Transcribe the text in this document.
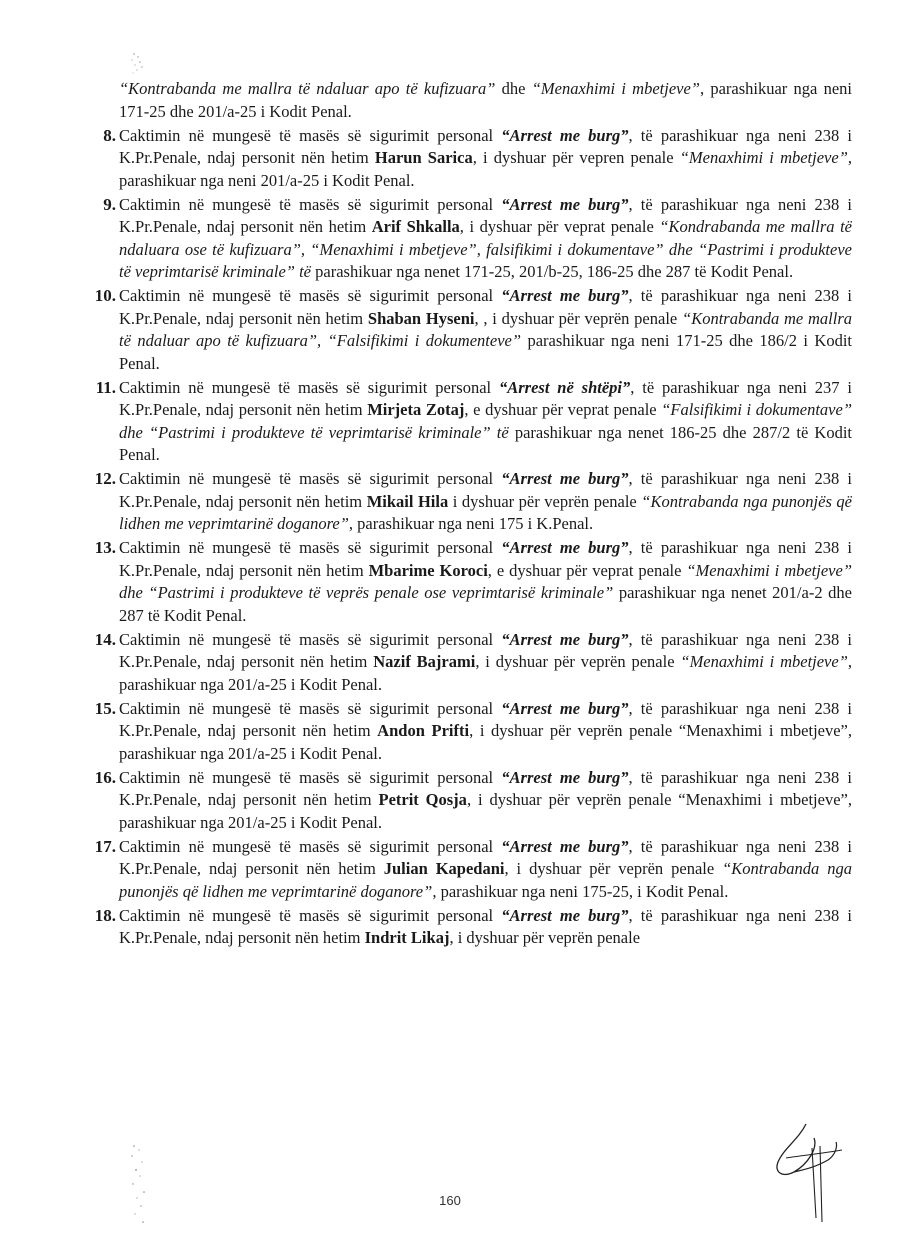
“Kontrabanda me mallra të ndaluar apo të kufizuara” dhe “Menaxhimi i mbetjeve”, parashikuar nga neni 171-25 dhe 201/a-25 i Kodit Penal.
8. Caktimin në mungesë të masës së sigurimit personal “Arrest me burg”, të parashikuar nga neni 238 i K.Pr.Penale, ndaj personit nën hetim Harun Sarica, i dyshuar për vepren penale “Menaxhimi i mbetjeve”, parashikuar nga neni 201/a-25 i Kodit Penal.
9. Caktimin në mungesë të masës së sigurimit personal “Arrest me burg”, të parashikuar nga neni 238 i K.Pr.Penale, ndaj personit nën hetim Arif Shkalla, i dyshuar për veprat penale “Kondrabanda me mallra të ndaluara ose të kufizuara”, “Menaxhimi i mbetjeve”, falsifikimi i dokumentave” dhe “Pastrimi i produkteve të veprimtarisë kriminale” të parashikuar nga nenet 171-25, 201/b-25, 186-25 dhe 287 të Kodit Penal.
10. Caktimin në mungesë të masës së sigurimit personal “Arrest me burg”, të parashikuar nga neni 238 i K.Pr.Penale, ndaj personit nën hetim Shaban Hyseni, , i dyshuar për veprën penale “Kontrabanda me mallra të ndaluar apo të kufizuara”, “Falsifikimi i dokumenteve” parashikuar nga neni 171-25 dhe 186/2 i Kodit Penal.
11. Caktimin në mungesë të masës së sigurimit personal “Arrest në shtëpi”, të parashikuar nga neni 237 i K.Pr.Penale, ndaj personit nën hetim Mirjeta Zotaj, e dyshuar për veprat penale “Falsifikimi i dokumentave” dhe “Pastrimi i produkteve të veprimtarisë kriminale” të parashikuar nga nenet 186-25 dhe 287/2 të Kodit Penal.
12. Caktimin në mungesë të masës së sigurimit personal “Arrest me burg”, të parashikuar nga neni 238 i K.Pr.Penale, ndaj personit nën hetim Mikail Hila i dyshuar për veprën penale “Kontrabanda nga punonjës që lidhen me veprimtarinë doganore”, parashikuar nga neni 175 i K.Penal.
13. Caktimin në mungesë të masës së sigurimit personal “Arrest me burg”, të parashikuar nga neni 238 i K.Pr.Penale, ndaj personit nën hetim Mbarime Koroci, e dyshuar për veprat penale “Menaxhimi i mbetjeve” dhe “Pastrimi i produkteve të veprës penale ose veprimtarisë kriminale” parashikuar nga nenet 201/a-2 dhe 287 të Kodit Penal.
14. Caktimin në mungesë të masës së sigurimit personal “Arrest me burg”, të parashikuar nga neni 238 i K.Pr.Penale, ndaj personit nën hetim Nazif Bajrami, i dyshuar për veprën penale “Menaxhimi i mbetjeve”, parashikuar nga 201/a-25 i Kodit Penal.
15. Caktimin në mungesë të masës së sigurimit personal “Arrest me burg”, të parashikuar nga neni 238 i K.Pr.Penale, ndaj personit nën hetim Andon Prifti, i dyshuar për veprën penale “Menaxhimi i mbetjeve”, parashikuar nga 201/a-25 i Kodit Penal.
16. Caktimin në mungesë të masës së sigurimit personal “Arrest me burg”, të parashikuar nga neni 238 i K.Pr.Penale, ndaj personit nën hetim Petrit Qosja, i dyshuar për veprën penale “Menaxhimi i mbetjeve”, parashikuar nga 201/a-25 i Kodit Penal.
17. Caktimin në mungesë të masës së sigurimit personal “Arrest me burg”, të parashikuar nga neni 238 i K.Pr.Penale, ndaj personit nën hetim Julian Kapedani, i dyshuar për veprën penale “Kontrabanda nga punonjës që lidhen me veprimtarinë doganore”, parashikuar nga neni 175-25, i Kodit Penal.
18. Caktimin në mungesë të masës së sigurimit personal “Arrest me burg”, të parashikuar nga neni 238 i K.Pr.Penale, ndaj personit nën hetim Indrit Likaj, i dyshuar për veprën penale
160
